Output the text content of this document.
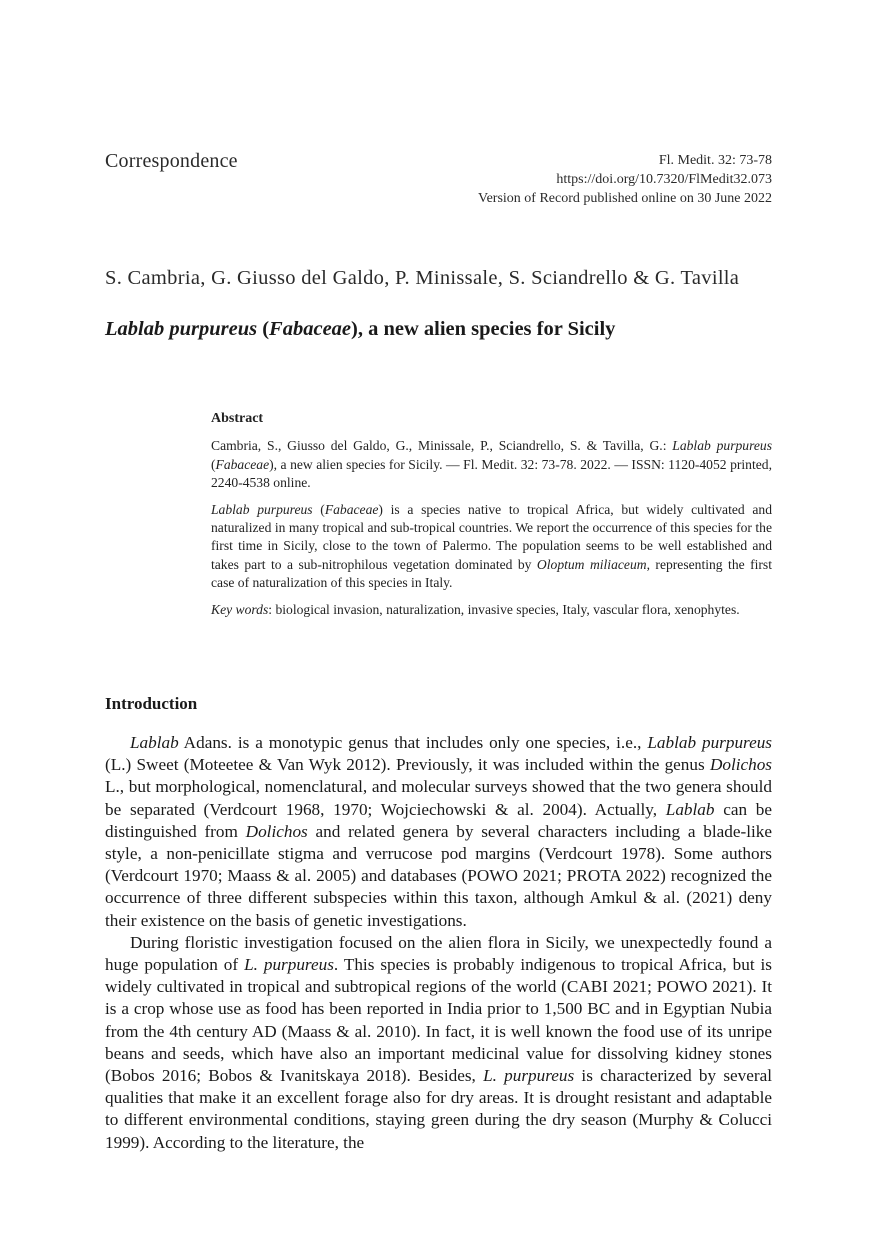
Correspondence	Fl. Medit. 32: 73-78
https://doi.org/10.7320/FlMedit32.073
Version of Record published online on 30 June 2022
S. Cambria, G. Giusso del Galdo, P. Minissale, S. Sciandrello & G. Tavilla
Lablab purpureus (Fabaceae), a new alien species for Sicily
Abstract

Cambria, S., Giusso del Galdo, G., Minissale, P., Sciandrello, S. & Tavilla, G.: Lablab purpureus (Fabaceae), a new alien species for Sicily. — Fl. Medit. 32: 73-78. 2022. — ISSN: 1120-4052 printed, 2240-4538 online.

Lablab purpureus (Fabaceae) is a species native to tropical Africa, but widely cultivated and naturalized in many tropical and sub-tropical countries. We report the occurrence of this species for the first time in Sicily, close to the town of Palermo. The population seems to be well established and takes part to a sub-nitrophilous vegetation dominated by Oloptum miliaceum, representing the first case of naturalization of this species in Italy.

Key words: biological invasion, naturalization, invasive species, Italy, vascular flora, xenophytes.

Introduction

Lablab Adans. is a monotypic genus that includes only one species, i.e., Lablab purpureus (L.) Sweet (Moteetee & Van Wyk 2012). Previously, it was included within the genus Dolichos L., but morphological, nomenclatural, and molecular surveys showed that the two genera should be separated (Verdcourt 1968, 1970; Wojciechowski & al. 2004). Actually, Lablab can be distinguished from Dolichos and related genera by several characters including a blade-like style, a non-penicillate stigma and verrucose pod margins (Verdcourt 1978). Some authors (Verdcourt 1970; Maass & al. 2005) and databases (POWO 2021; PROTA 2022) recognized the occurrence of three different subspecies within this taxon, although Amkul & al. (2021) deny their existence on the basis of genetic investigations.

During floristic investigation focused on the alien flora in Sicily, we unexpectedly found a huge population of L. purpureus. This species is probably indigenous to tropical Africa, but is widely cultivated in tropical and subtropical regions of the world (CABI 2021; POWO 2021). It is a crop whose use as food has been reported in India prior to 1,500 BC and in Egyptian Nubia from the 4th century AD (Maass & al. 2010). In fact, it is well known the food use of its unripe beans and seeds, which have also an important medicinal value for dissolving kidney stones (Bobos 2016; Bobos & Ivanitskaya 2018). Besides, L. purpureus is characterized by several qualities that make it an excellent forage also for dry areas. It is drought resistant and adaptable to different environmental conditions, staying green during the dry season (Murphy & Colucci 1999). According to the literature, the
